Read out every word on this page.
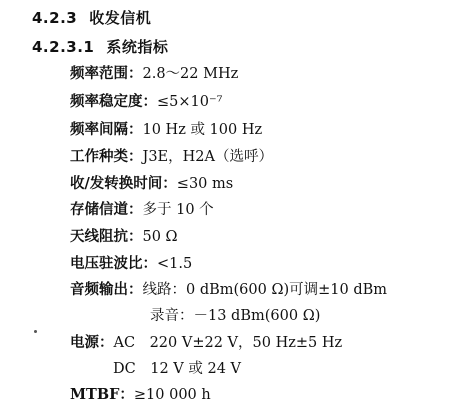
4.2.3 收发信机
4.2.3.1 系统指标
频率范围：2.8～22 MHz
频率稳定度：≤5×10⁻⁷
频率间隔：10 Hz 或 100 Hz
工作种类：J3E，H2A（选呼）
收/发转换时间：≤30 ms
存储信道：多于 10 个
天线阻抗：50 Ω
电压驻波比：<1.5
音频输出：线路：0 dBm(600 Ω)可调±10 dBm
录音：－13 dBm(600 Ω)
电源：AC　220 V±22 V，50 Hz±5 Hz
DC　12 V 或 24 V
MTBF：≥10 000 h
